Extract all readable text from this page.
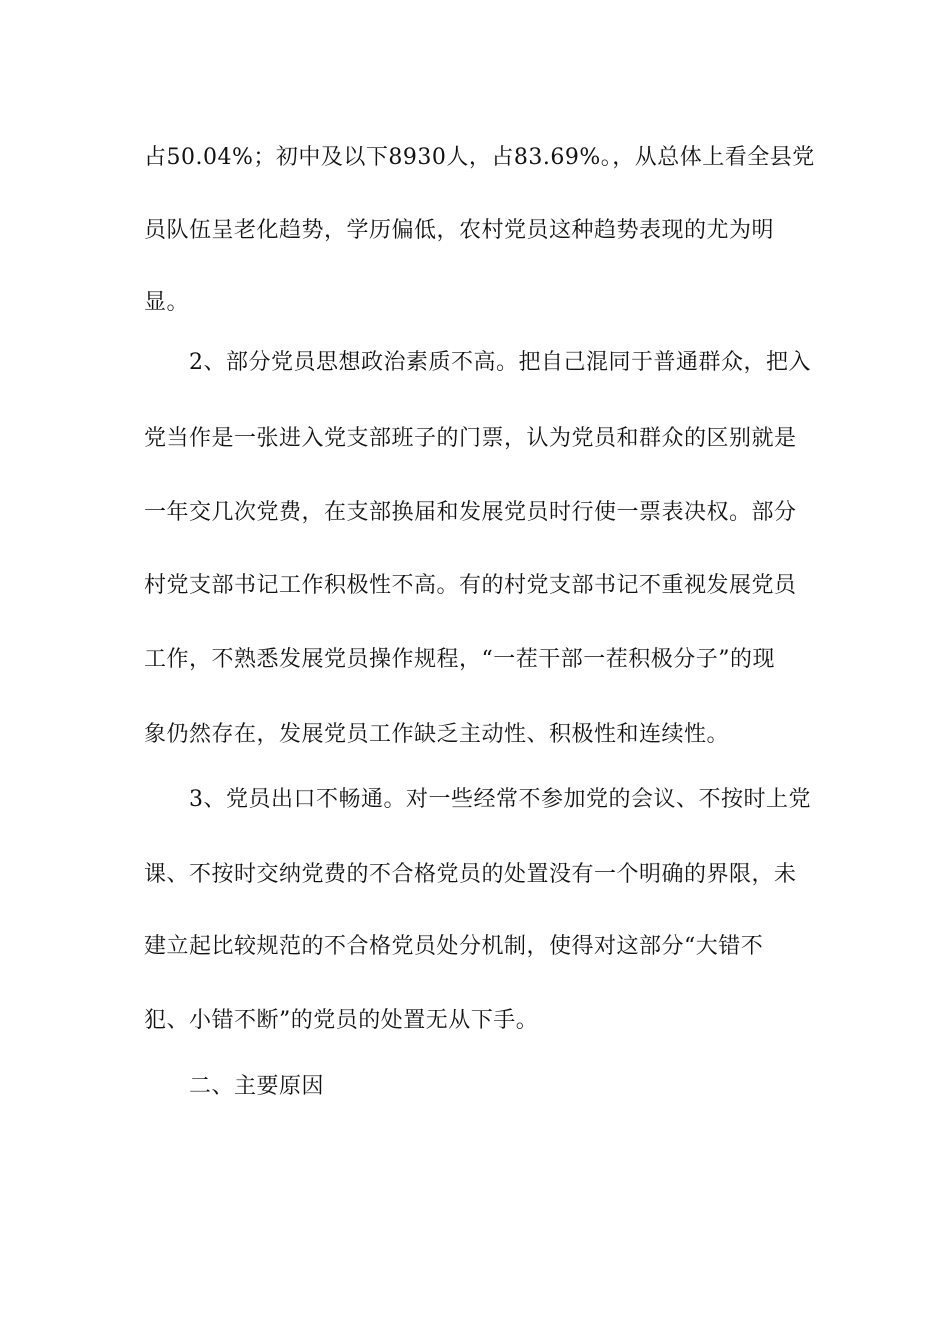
占50.04%；初中及以下8930人，占83.69%。，从总体上看全县党
员队伍呈老化趋势，学历偏低，农村党员这种趋势表现的尤为明
显。
2、部分党员思想政治素质不高。把自己混同于普通群众，把入
党当作是一张进入党支部班子的门票，认为党员和群众的区别就是
一年交几次党费，在支部换届和发展党员时行使一票表决权。部分
村党支部书记工作积极性不高。有的村党支部书记不重视发展党员
工作，不熟悉发展党员操作规程，“一茬干部一茬积极分子”的现
象仍然存在，发展党员工作缺乏主动性、积极性和连续性。
3、党员出口不畅通。对一些经常不参加党的会议、不按时上党
课、不按时交纳党费的不合格党员的处置没有一个明确的界限，未
建立起比较规范的不合格党员处分机制，使得对这部分“大错不
犯、小错不断”的党员的处置无从下手。
二、主要原因
